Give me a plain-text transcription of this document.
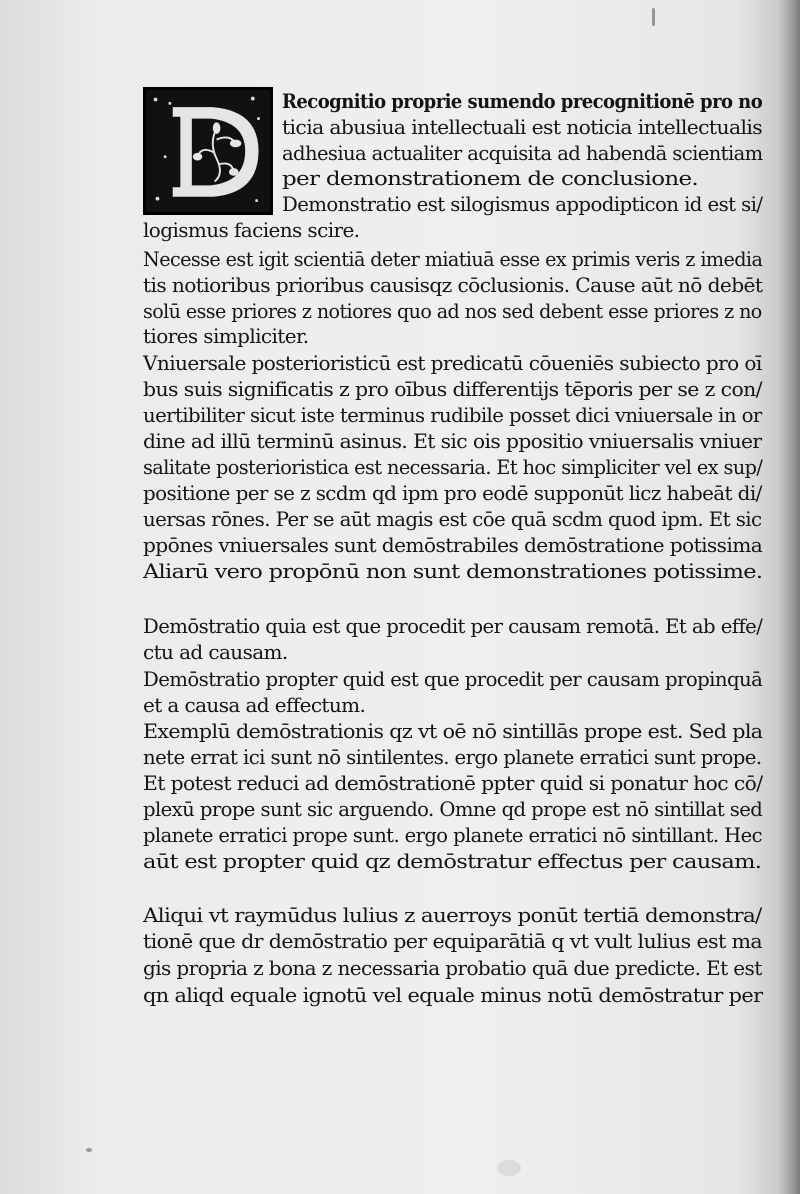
Recognitio proprie sumendo precognitionē pro no
ticia abusiua intellectuali est noticia intellectualis
adhesiua actualiter acquisita ad habendā scientiam
per demonstrationem de conclusione.
Demonstratio est silogismus appodipticon id est si/
logismus faciens scire.
Necesse est igit scientiā deter miatiuā esse ex primis veris z imedia
tis notioribus prioribus causisqz cōclusionis. Cause aūt nō debēt
solū esse priores z notiores quo ad nos sed debent esse priores z no
tiores simpliciter.
Vniuersale posterioristicū est predicatū cōueniēs subiecto pro oī
bus suis significatis z pro oībus differentijs tēporis per se z con/
uertibiliter sicut iste terminus rudibile posset dici vniuersale in or
dine ad illū terminū asinus. Et sic ois ppositio vniuersalis vniuer
salitate posterioristica est necessaria. Et hoc simpliciter vel ex sup/
positione per se z scdm qd ipm pro eodē supponūt licz habeāt di/
uersas rōnes. Per se aūt magis est cōe quā scdm quod ipm. Et sic
ppōnes vniuersales sunt demōstrabiles demōstratione potissima
Aliarū vero propōnū non sunt demonstrationes potissime.
Demōstratio quia est que procedit per causam remotā. Et ab effe/
ctu ad causam.
Demōstratio propter quid est que procedit per causam propinquā
et a causa ad effectum.
Exemplū demōstrationis qz vt oē nō sintillās prope est. Sed pla
nete errat ici sunt nō sintilentes. ergo planete erratici sunt prope.
Et potest reduci ad demōstrationē ppter quid si ponatur hoc cō/
plexū prope sunt sic arguendo. Omne qd prope est nō sintillat sed
planete erratici prope sunt. ergo planete erratici nō sintillant. Hec
aūt est propter quid qz demōstratur effectus per causam.
Aliqui vt raymūdus lulius z auerroys ponūt tertiā demonstra/
tionē que dr demōstratio per equiparātiā q vt vult lulius est ma
gis propria z bona z necessaria probatio quā due predicte. Et est
qn aliqd equale ignotū vel equale minus notū demōstratur per
